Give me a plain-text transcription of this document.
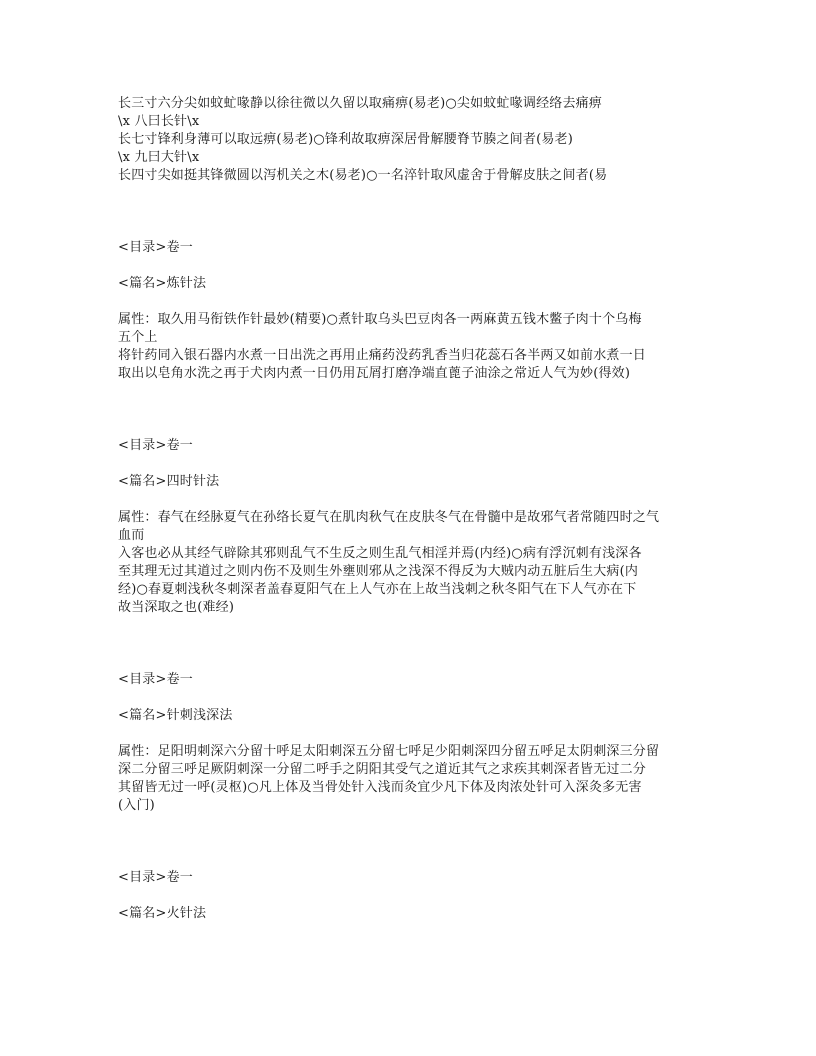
长三寸六分尖如蚊虻喙静以徐往微以久留以取痛痹(易老)○尖如蚊虻喙调经络去痛痹
\x 八曰长针\x
长七寸锋利身薄可以取远痹(易老)○锋利故取痹深居骨解腰脊节腠之间者(易老)
\x 九曰大针\x
长四寸尖如挺其锋微圆以泻机关之木(易老)○一名淬针取风虚舍于骨解皮肤之间者(易
<目录>卷一
<篇名>炼针法
属性：取久用马衔铁作针最妙(精要)○煮针取乌头巴豆肉各一两麻黄五钱木鳖子肉十个乌梅
五个上
将针药同入银石器内水煮一日出洗之再用止痛药没药乳香当归花蕊石各半两又如前水煮一日
取出以皂角水洗之再于犬肉内煮一日仍用瓦屑打磨净端直蓖子油涂之常近人气为妙(得效)
<目录>卷一
<篇名>四时针法
属性：春气在经脉夏气在孙络长夏气在肌肉秋气在皮肤冬气在骨髓中是故邪气者常随四时之气
血而
入客也必从其经气辟除其邪则乱气不生反之则生乱气相淫并焉(内经)○病有浮沉刺有浅深各
至其理无过其道过之则内伤不及则生外壅则邪从之浅深不得反为大贼内动五脏后生大病(内
经)○春夏刺浅秋冬刺深者盖春夏阳气在上人气亦在上故当浅刺之秋冬阳气在下人气亦在下
故当深取之也(难经)
<目录>卷一
<篇名>针刺浅深法
属性：足阳明刺深六分留十呼足太阳刺深五分留七呼足少阳刺深四分留五呼足太阴刺深三分留
深二分留三呼足厥阴刺深一分留二呼手之阴阳其受气之道近其气之求疾其刺深者皆无过二分
其留皆无过一呼(灵枢)○凡上体及当骨处针入浅而灸宜少凡下体及肉浓处针可入深灸多无害
(入门)
<目录>卷一
<篇名>火针法
